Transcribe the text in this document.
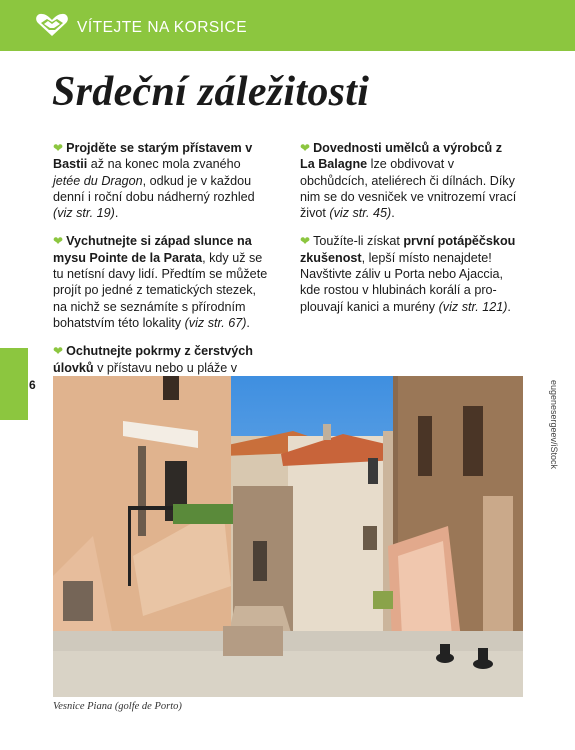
VÍTEJTE NA KORSICE
Srdeční záležitosti
6

❤ Projděte se starým přístavem v Bastii až na konec mola zvaného jetée du Dragon, odkud je v každou denní i roční dobu nádherný rozhled (viz str. 19).

❤ Vychutnejte si západ slunce na mysu Pointe de la Parata, kdy už se tu netísní davy lidí. Předtím se můžete projít po jedné z tematických stezek, na nichž se seznámíte s přírodním bohatstvím této lokality (viz str. 67).

❤ Ochutnejte pokrmy z čerstvých úlovků v přístavu nebo u pláže v

❤ Dovednosti umělců a výrobců z La Balagne lze obdivovat v obchůdcích, ateliérech či dílnách. Díky nim se do vesniček ve vnitrozemí vrací život (viz str. 45).

❤ Toužíte-li získat první potápěčskou zkušenost, lepší místo nenajdete! Navštivte záliv u Porta nebo Ajaccia, kde rostou v hlubinách korálí a proplouvají kanici a murény (viz str. 121).

eugenesergeev/iStock
Vesnice Piana (golfe de Porto)
